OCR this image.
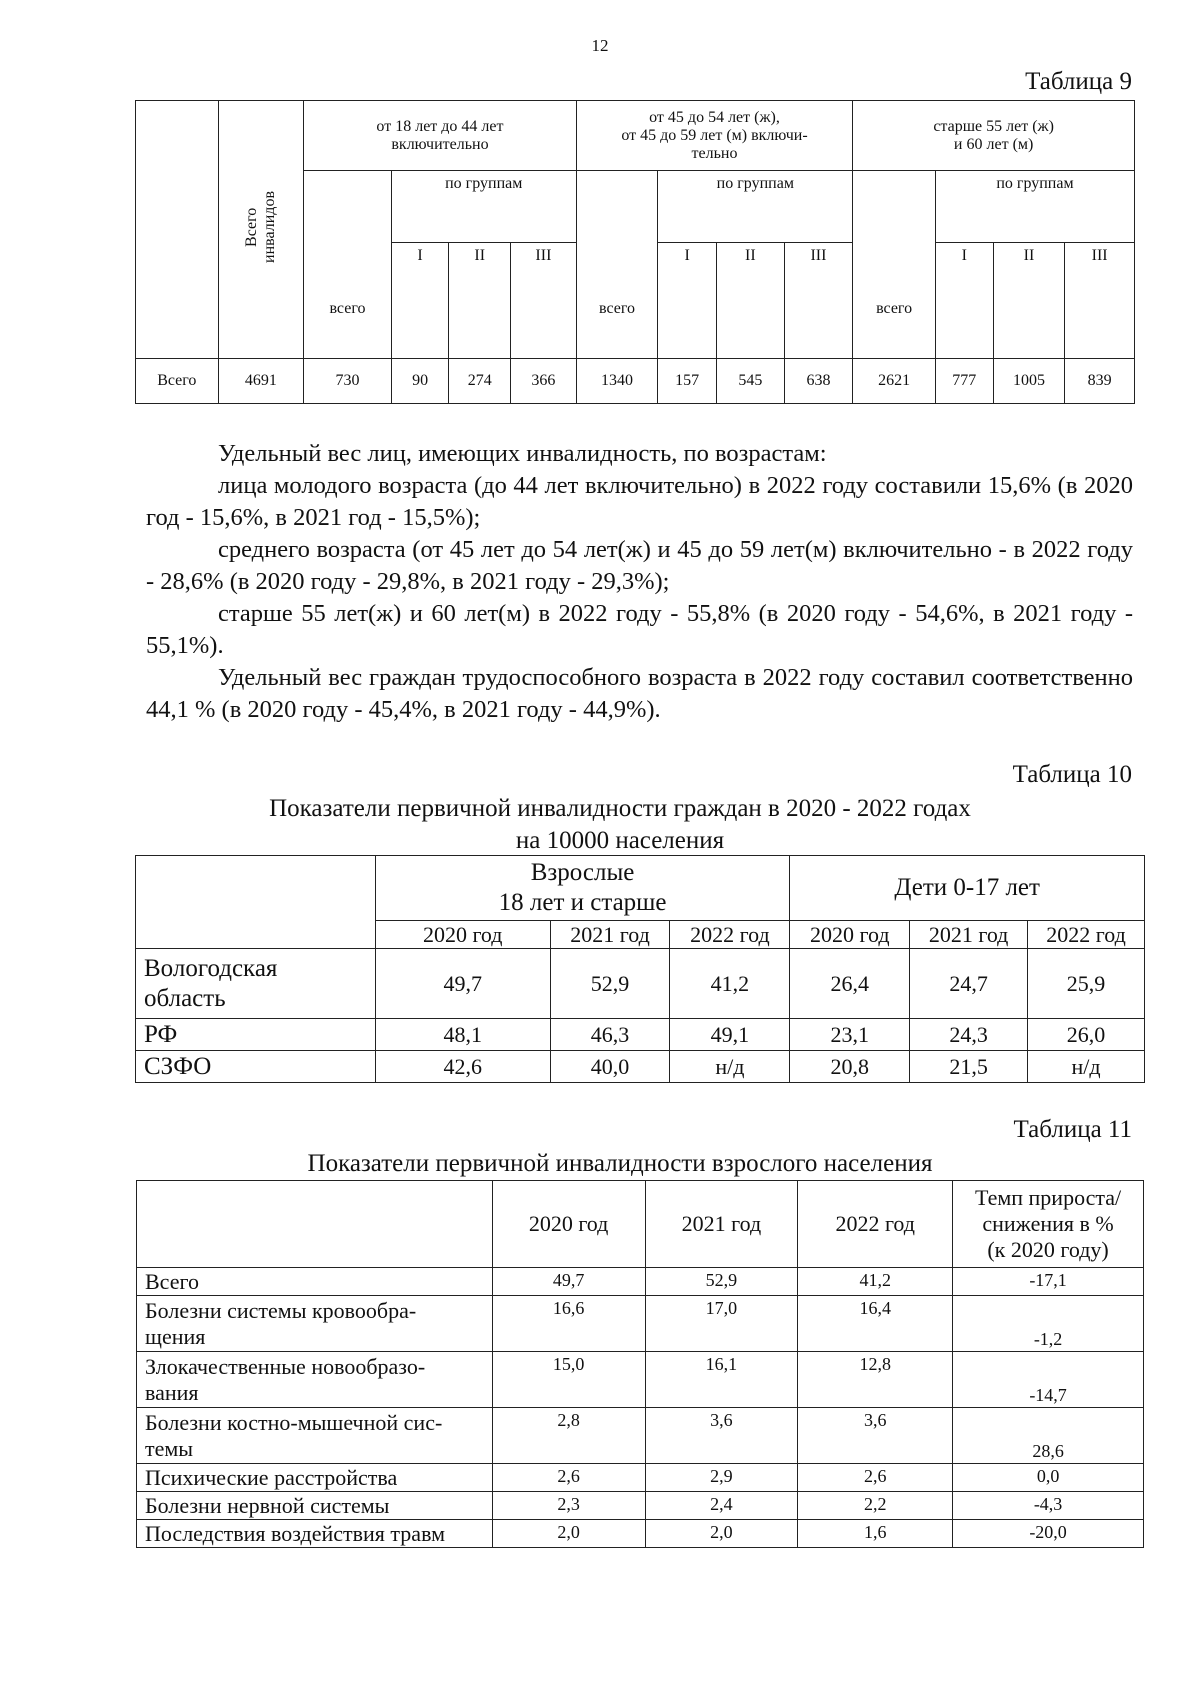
12
Таблица 9
	Всего
инвалидов	от 18 лет до 44 лет
включительно				от 45 до 54 лет (ж),
от 45 до 59 лет (м) включи-
тельно				старше 55 лет (ж)
и 60 лет (м)			
		всего	по группам			всего	по группам			всего	по группам		
			I	II	III		I	II	III		I	II	III
Всего	4691	730	90	274	366	1340	157	545	638	2621	777	1005	839

Удельный вес лиц, имеющих инвалидность, по возрастам:

лица молодого возраста (до 44 лет включительно) в 2022 году составили 15,6% (в 2020 год - 15,6%, в 2021 год - 15,5%);

среднего возраста (от 45 лет до 54 лет(ж) и 45 до 59 лет(м) включительно - в 2022 году - 28,6% (в 2020 году - 29,8%, в 2021 году - 29,3%);

старше 55 лет(ж) и 60 лет(м) в 2022 году - 55,8% (в 2020 году - 54,6%, в 2021 году - 55,1%).

Удельный вес граждан трудоспособного возраста в 2022 году составил соответственно 44,1 % (в 2020 году - 45,4%, в 2021 году - 44,9%).

Таблица 10
Показатели первичной инвалидности граждан в 2020 - 2022 годах
на 10000 населения
	Взрослые
18 лет и старше			Дети 0-17 лет		
	2020 год	2021 год	2022 год	2020 год	2021 год	2022 год
Вологодская
область	49,7	52,9	41,2	26,4	24,7	25,9
РФ	48,1	46,3	49,1	23,1	24,3	26,0
СЗФО	42,6	40,0	н/д	20,8	21,5	н/д
Таблица 11
Показатели первичной инвалидности взрослого населения
	2020 год	2021 год	2022 год	Темп прироста/
снижения в %
(к 2020 году)
Всего	49,7	52,9	41,2	-17,1
Болезни системы кровообра-
щения	16,6	17,0	16,4	-1,2
Злокачественные новообразо-
вания	15,0	16,1	12,8	-14,7
Болезни костно-мышечной сис-
темы	2,8	3,6	3,6	28,6
Психические расстройства	2,6	2,9	2,6	0,0
Болезни нервной системы	2,3	2,4	2,2	-4,3
Последствия воздействия травм	2,0	2,0	1,6	-20,0
